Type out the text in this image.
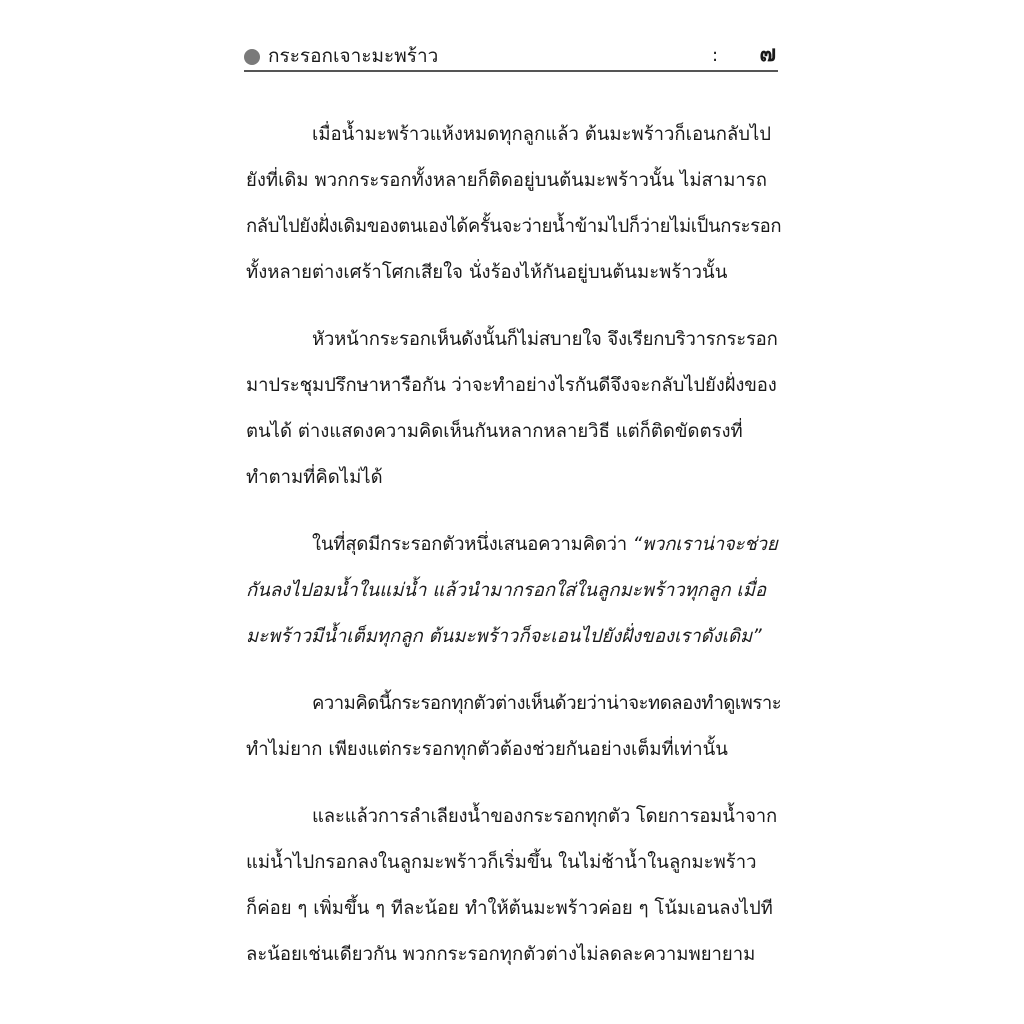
กระรอกเจาะมะพร้าว	: ๗
เมื่อน้ำมะพร้าวแห้งหมดทุกลูกแล้ว ต้นมะพร้าวก็เอนกลับไป
ยังที่เดิม พวกกระรอกทั้งหลายก็ติดอยู่บนต้นมะพร้าวนั้น ไม่สามารถ
กลับไปยังฝั่งเดิมของตนเองได้ครั้นจะว่ายน้ำข้ามไปก็ว่ายไม่เป็นกระรอก
ทั้งหลายต่างเศร้าโศกเสียใจ นั่งร้องไห้กันอยู่บนต้นมะพร้าวนั้น
หัวหน้ากระรอกเห็นดังนั้นก็ไม่สบายใจ จึงเรียกบริวารกระรอก
มาประชุมปรึกษาหารือกัน ว่าจะทำอย่างไรกันดีจึงจะกลับไปยังฝั่งของ
ตนได้ ต่างแสดงความคิดเห็นกันหลากหลายวิธี แต่ก็ติดขัดตรงที่
ทำตามที่คิดไม่ได้
ในที่สุดมีกระรอกตัวหนึ่งเสนอความคิดว่า “พวกเราน่าจะช่วย
กันลงไปอมน้ำในแม่น้ำ แล้วนำมากรอกใส่ในลูกมะพร้าวทุกลูก เมื่อ
มะพร้าวมีน้ำเต็มทุกลูก ต้นมะพร้าวก็จะเอนไปยังฝั่งของเราดังเดิม”
ความคิดนี้กระรอกทุกตัวต่างเห็นด้วยว่าน่าจะทดลองทำดูเพราะ
ทำไม่ยาก เพียงแต่กระรอกทุกตัวต้องช่วยกันอย่างเต็มที่เท่านั้น
และแล้วการลำเลียงน้ำของกระรอกทุกตัว โดยการอมน้ำจาก
แม่น้ำไปกรอกลงในลูกมะพร้าวก็เริ่มขึ้น ในไม่ช้าน้ำในลูกมะพร้าว
ก็ค่อย ๆ เพิ่มขึ้น ๆ ทีละน้อย ทำให้ต้นมะพร้าวค่อย ๆ โน้มเอนลงไปที
ละน้อยเช่นเดียวกัน พวกกระรอกทุกตัวต่างไม่ลดละความพยายาม
